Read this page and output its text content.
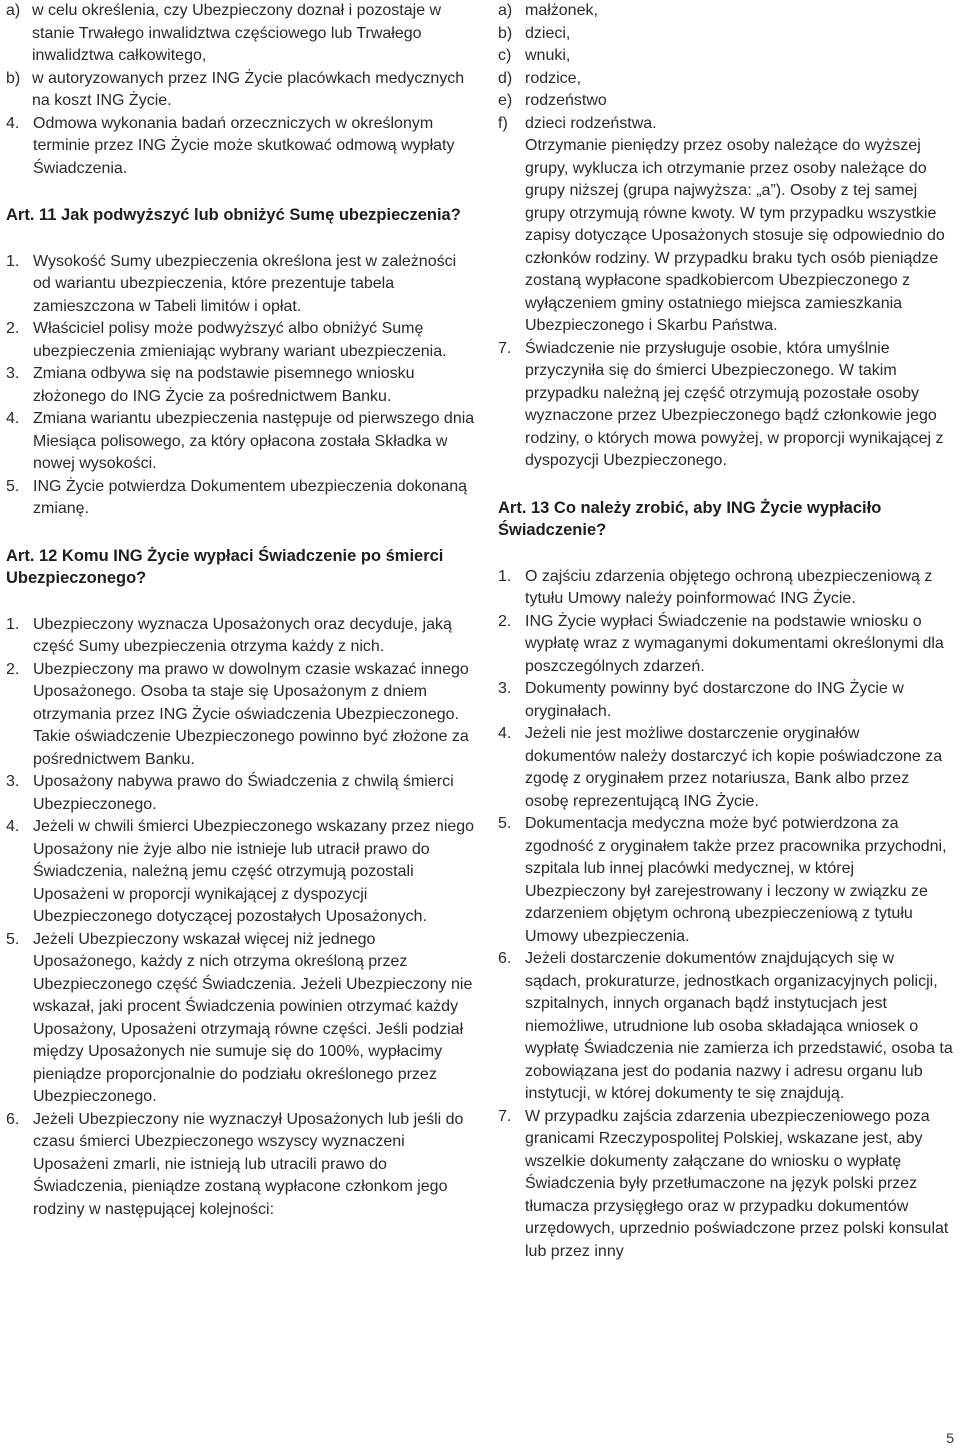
a) w celu określenia, czy Ubezpieczony doznał i pozostaje w stanie Trwałego inwalidztwa częściowego lub Trwałego inwalidztwa całkowitego,
b) w autoryzowanych przez ING Życie placówkach medycznych na koszt ING Życie.
4. Odmowa wykonania badań orzeczniczych w określonym terminie przez ING Życie może skutkować odmową wypłaty Świadczenia.
Art. 11 Jak podwyższyć lub obniżyć Sumę ubezpieczenia?
1. Wysokość Sumy ubezpieczenia określona jest w zależności od wariantu ubezpieczenia, które prezentuje tabela zamieszczona w Tabeli limitów i opłat.
2. Właściciel polisy może podwyższyć albo obniżyć Sumę ubezpieczenia zmieniając wybrany wariant ubezpieczenia.
3. Zmiana odbywa się na podstawie pisemnego wniosku złożonego do ING Życie za pośrednictwem Banku.
4. Zmiana wariantu ubezpieczenia następuje od pierwszego dnia Miesiąca polisowego, za który opłacona została Składka w nowej wysokości.
5. ING Życie potwierdza Dokumentem ubezpieczenia dokonaną zmianę.
Art. 12 Komu ING Życie wypłaci Świadczenie po śmierci Ubezpieczonego?
1. Ubezpieczony wyznacza Uposażonych oraz decyduje, jaką część Sumy ubezpieczenia otrzyma każdy z nich.
2. Ubezpieczony ma prawo w dowolnym czasie wskazać innego Uposażonego. Osoba ta staje się Uposażonym z dniem otrzymania przez ING Życie oświadczenia Ubezpieczonego. Takie oświadczenie Ubezpieczonego powinno być złożone za pośrednictwem Banku.
3. Uposażony nabywa prawo do Świadczenia z chwilą śmierci Ubezpieczonego.
4. Jeżeli w chwili śmierci Ubezpieczonego wskazany przez niego Uposażony nie żyje albo nie istnieje lub utracił prawo do Świadczenia, należną jemu część otrzymują pozostali Uposażeni w proporcji wynikającej z dyspozycji Ubezpieczonego dotyczącej pozostałych Uposażonych.
5. Jeżeli Ubezpieczony wskazał więcej niż jednego Uposażonego, każdy z nich otrzyma określoną przez Ubezpieczonego część Świadczenia. Jeżeli Ubezpieczony nie wskazał, jaki procent Świadczenia powinien otrzymać każdy Uposażony, Uposażeni otrzymają równe części. Jeśli podział między Uposażonych nie sumuje się do 100%, wypłacimy pieniądze proporcjonalnie do podziału określonego przez Ubezpieczonego.
6. Jeżeli Ubezpieczony nie wyznaczył Uposażonych lub jeśli do czasu śmierci Ubezpieczonego wszyscy wyznaczeni Uposażeni zmarli, nie istnieją lub utracili prawo do Świadczenia, pieniądze zostaną wypłacone członkom jego rodziny w następującej kolejności:
a) małżonek,
b) dzieci,
c) wnuki,
d) rodzice,
e) rodzeństwo
f)	dzieci rodzeństwa.
Otrzymanie pieniędzy przez osoby należące do wyższej grupy, wyklucza ich otrzymanie przez osoby należące do grupy niższej (grupa najwyższa: „a”). Osoby z tej samej grupy otrzymują równe kwoty. W tym przypadku wszystkie zapisy dotyczące Uposażonych stosuje się odpowiednio do członków rodziny. W przypadku braku tych osób pieniądze zostaną wypłacone spadkobiercom Ubezpieczonego z wyłączeniem gminy ostatniego miejsca zamieszkania Ubezpieczonego i Skarbu Państwa.
7. Świadczenie nie przysługuje osobie, która umyślnie przyczyniła się do śmierci Ubezpieczonego. W takim przypadku należną jej część otrzymują pozostałe osoby wyznaczone przez Ubezpieczonego bądź członkowie jego rodziny, o których mowa powyżej, w proporcji wynikającej z dyspozycji Ubezpieczonego.
Art. 13 Co należy zrobić, aby ING Życie wypłaciło Świadczenie?
1. O zajściu zdarzenia objętego ochroną ubezpieczeniową z tytułu Umowy należy poinformować ING Życie.
2. ING Życie wypłaci Świadczenie na podstawie wniosku o wypłatę wraz z wymaganymi dokumentami określonymi dla poszczególnych zdarzeń.
3. Dokumenty powinny być dostarczone do ING Życie w oryginałach.
4. Jeżeli nie jest możliwe dostarczenie oryginałów dokumentów należy dostarczyć ich kopie poświadczone za zgodę z oryginałem przez notariusza, Bank albo przez osobę reprezentującą ING Życie.
5. Dokumentacja medyczna może być potwierdzona za zgodność z oryginałem także przez pracownika przychodni, szpitala lub innej placówki medycznej, w której Ubezpieczony był zarejestrowany i leczony w związku ze zdarzeniem objętym ochroną ubezpieczeniową z tytułu Umowy ubezpieczenia.
6. Jeżeli dostarczenie dokumentów znajdujących się w sądach, prokuraturze, jednostkach organizacyjnych policji, szpitalnych, innych organach bądź instytucjach jest niemożliwe, utrudnione lub osoba składająca wniosek o wypłatę Świadczenia nie zamierza ich przedstawić, osoba ta zobowiązana jest do podania nazwy i adresu organu lub instytucji, w której dokumenty te się znajdują.
7. W przypadku zajścia zdarzenia ubezpieczeniowego poza granicami Rzeczypospolitej Polskiej, wskazane jest, aby wszelkie dokumenty załączane do wniosku o wypłatę Świadczenia były przetłumaczone na język polski przez tłumacza przysięgłego oraz w przypadku dokumentów urzędowych, uprzednio poświadczone przez polski konsulat lub przez inny
5
